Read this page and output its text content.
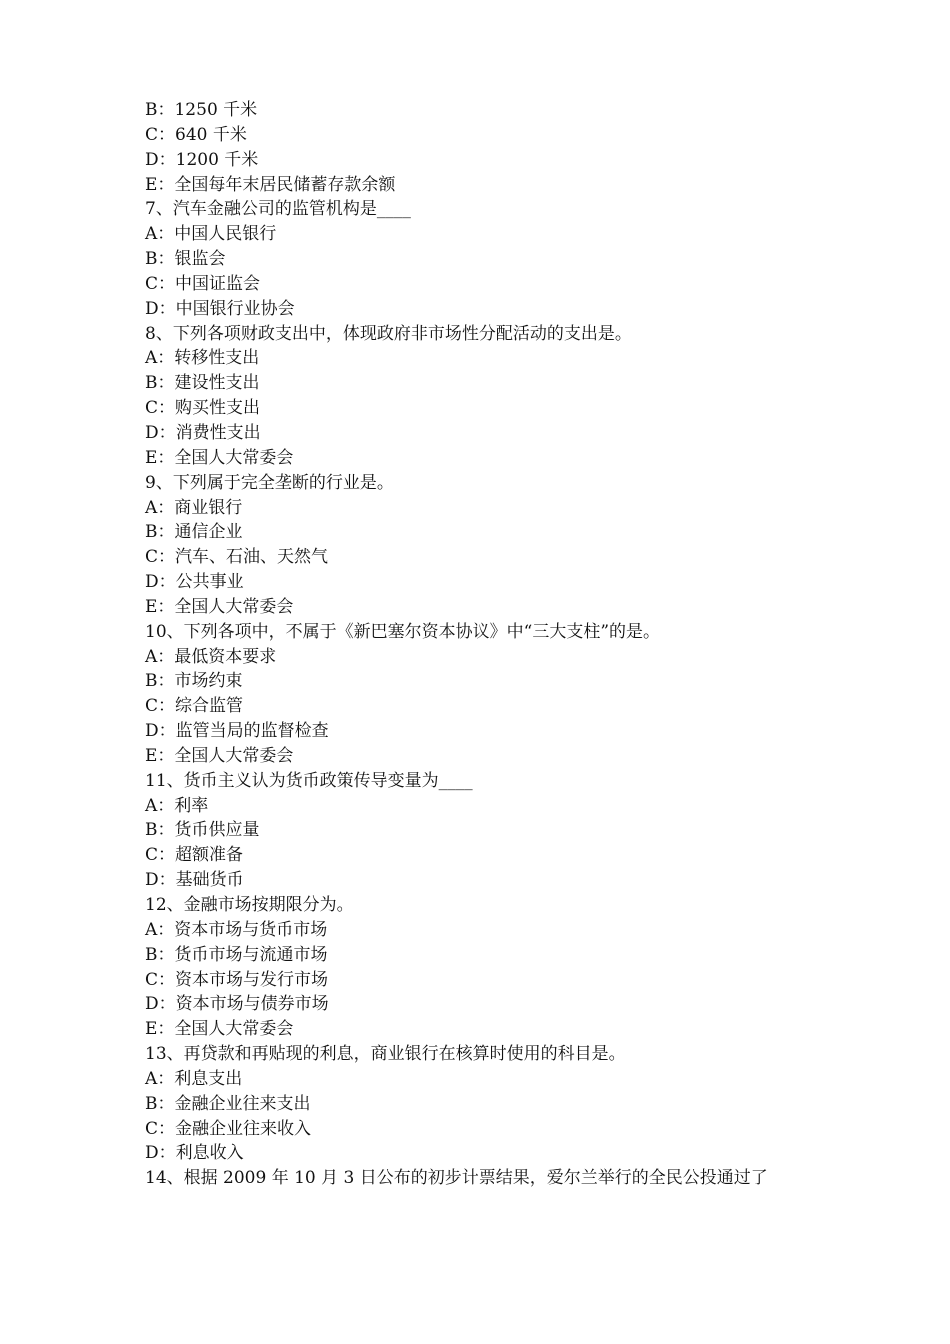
B：1250 千米

C：640 千米

D：1200 千米

E：全国每年末居民储蓄存款余额

7、汽车金融公司的监管机构是____

A：中国人民银行

B：银监会

C：中国证监会

D：中国银行业协会

8、下列各项财政支出中，体现政府非市场性分配活动的支出是。

A：转移性支出

B：建设性支出

C：购买性支出

D：消费性支出

E：全国人大常委会

9、下列属于完全垄断的行业是。

A：商业银行

B：通信企业

C：汽车、石油、天然气

D：公共事业

E：全国人大常委会

10、下列各项中，不属于《新巴塞尔资本协议》中“三大支柱”的是。

A：最低资本要求

B：市场约束

C：综合监管

D：监管当局的监督检查

E：全国人大常委会

11、货币主义认为货币政策传导变量为____

A：利率

B：货币供应量

C：超额准备

D：基础货币

12、金融市场按期限分为。

A：资本市场与货币市场

B：货币市场与流通市场

C：资本市场与发行市场

D：资本市场与债券市场

E：全国人大常委会

13、再贷款和再贴现的利息，商业银行在核算时使用的科目是。

A：利息支出

B：金融企业往来支出

C：金融企业往来收入

D：利息收入

14、根据 2009 年 10 月 3 日公布的初步计票结果，爱尔兰举行的全民公投通过了
